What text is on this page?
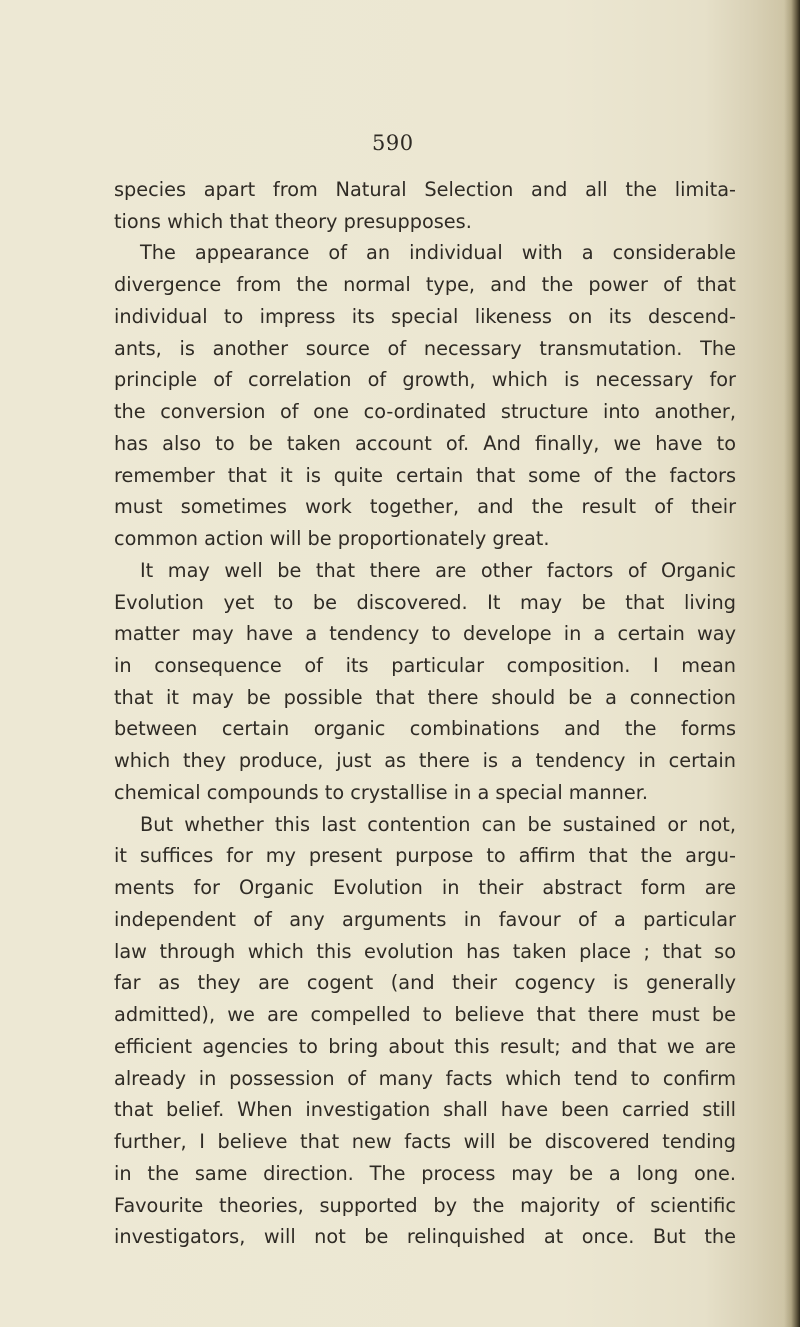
590
species apart from Natural Selection and all the limita-
tions which that theory presupposes.
The appearance of an individual with a considerable
divergence from the normal type, and the power of that
individual to impress its special likeness on its descend-
ants, is another source of necessary transmutation. The
principle of correlation of growth, which is necessary for
the conversion of one co-ordinated structure into another,
has also to be taken account of. And finally, we have to
remember that it is quite certain that some of the factors
must sometimes work together, and the result of their
common action will be proportionately great.
It may well be that there are other factors of Organic
Evolution yet to be discovered. It may be that living
matter may have a tendency to develope in a certain way
in consequence of its particular composition. I mean
that it may be possible that there should be a connection
between certain organic combinations and the forms
which they produce, just as there is a tendency in certain
chemical compounds to crystallise in a special manner.
But whether this last contention can be sustained or not,
it suffices for my present purpose to affirm that the argu-
ments for Organic Evolution in their abstract form are
independent of any arguments in favour of a particular
law through which this evolution has taken place ; that so
far as they are cogent (and their cogency is generally
admitted), we are compelled to believe that there must be
efficient agencies to bring about this result; and that we are
already in possession of many facts which tend to confirm
that belief. When investigation shall have been carried still
further, I believe that new facts will be discovered tending
in the same direction. The process may be a long one.
Favourite theories, supported by the majority of scientific
investigators, will not be relinquished at once. But the
